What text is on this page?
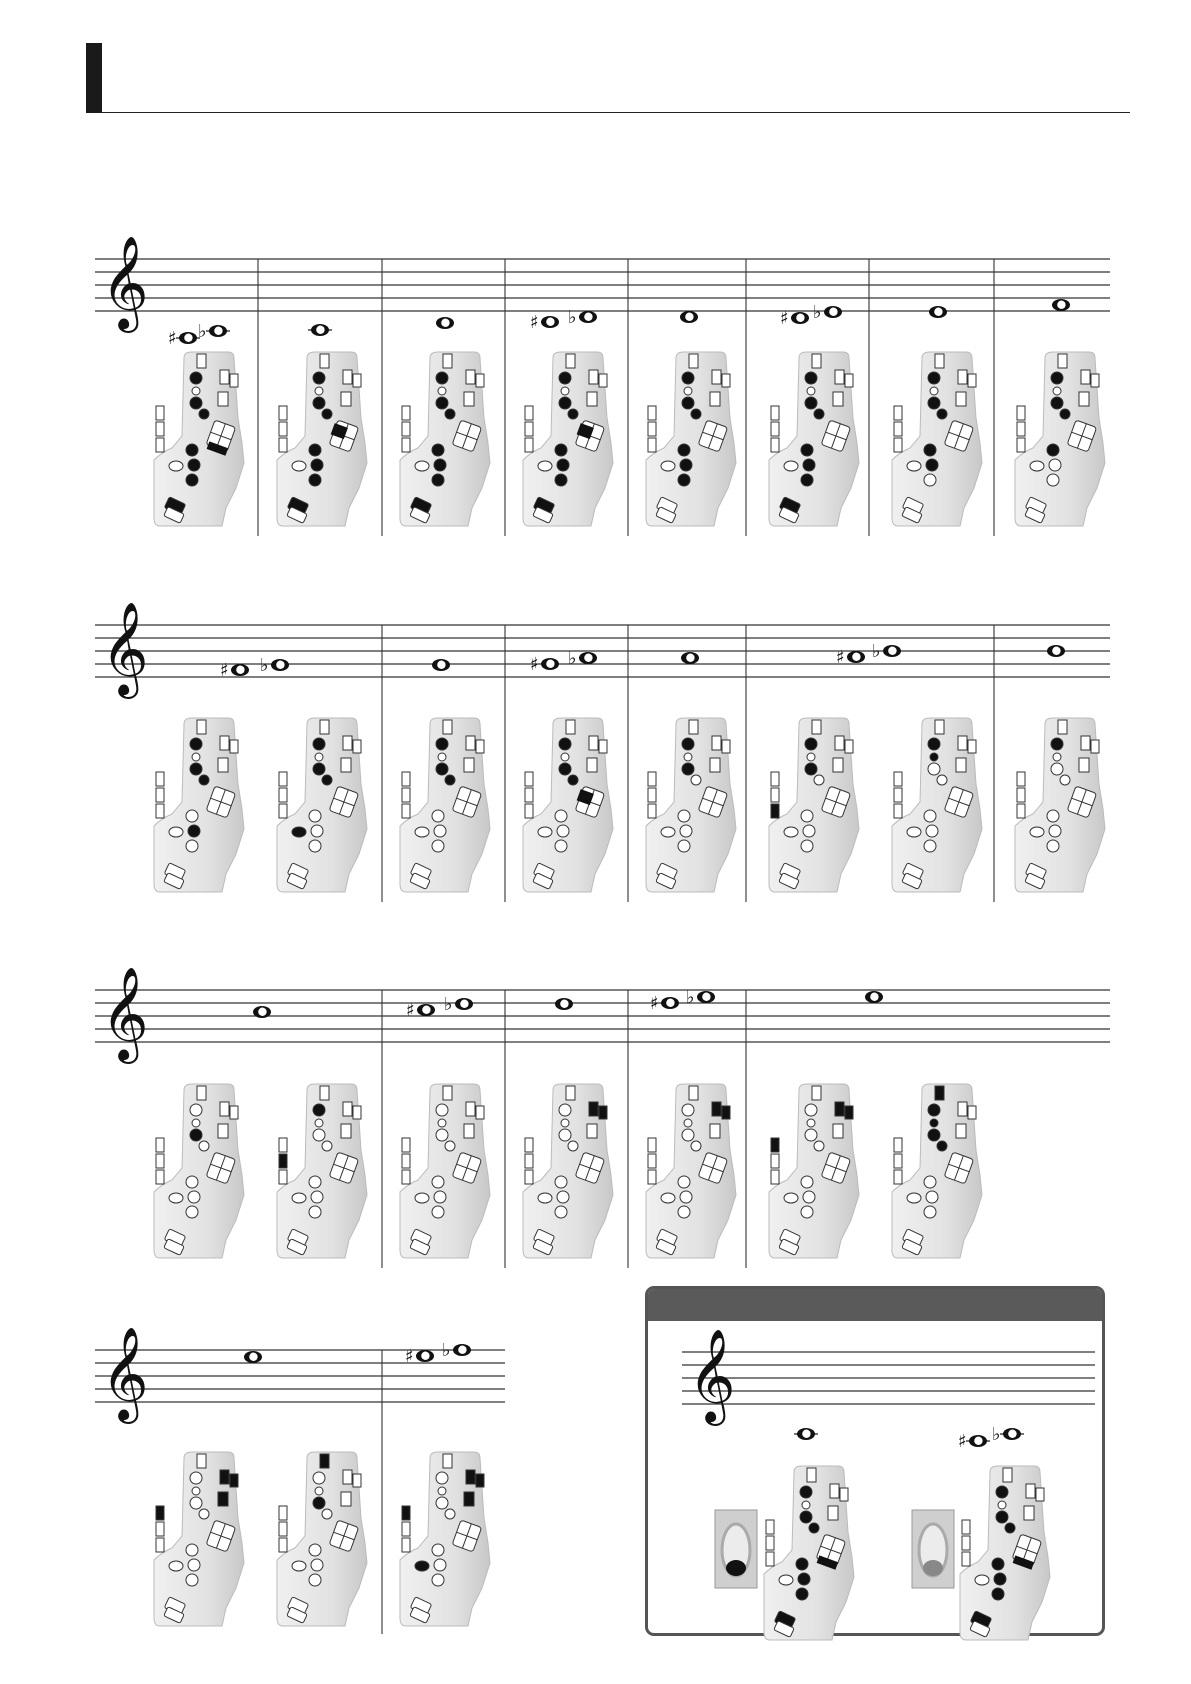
𝄞
♯ ♭	♯ ♭	♯ ♭
𝄞	♯ ♭	♯ ♭	♯ ♭
𝄞	♯ ♭	♯ ♭
𝄞	♯ ♭	𝄞
♯ ♭
